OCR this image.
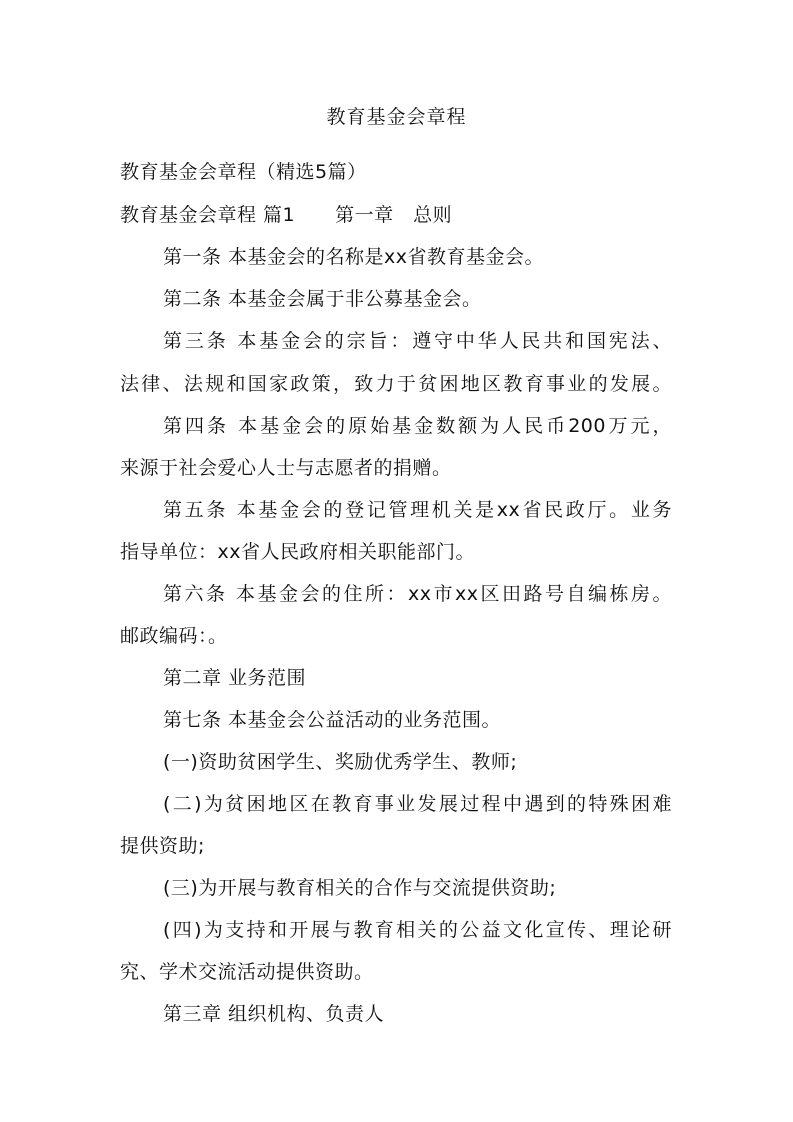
教育基金会章程

教育基金会章程（精选5篇）

教育基金会章程 篇1 第一章　总则

第一条 本基金会的名称是xx省教育基金会。

第二条 本基金会属于非公募基金会。

第三条 本基金会的宗旨：遵守中华人民共和国宪法、

法律、法规和国家政策，致力于贫困地区教育事业的发展。

第四条 本基金会的原始基金数额为人民币200万元，

来源于社会爱心人士与志愿者的捐赠。

第五条 本基金会的登记管理机关是xx省民政厅。业务

指导单位：xx省人民政府相关职能部门。

第六条 本基金会的住所：xx市xx区田路号自编栋房。

邮政编码：。

第二章 业务范围

第七条 本基金会公益活动的业务范围。

(一)资助贫困学生、奖励优秀学生、教师;

(二)为贫困地区在教育事业发展过程中遇到的特殊困难

提供资助;

(三)为开展与教育相关的合作与交流提供资助;

(四)为支持和开展与教育相关的公益文化宣传、理论研

究、学术交流活动提供资助。

第三章 组织机构、负责人
